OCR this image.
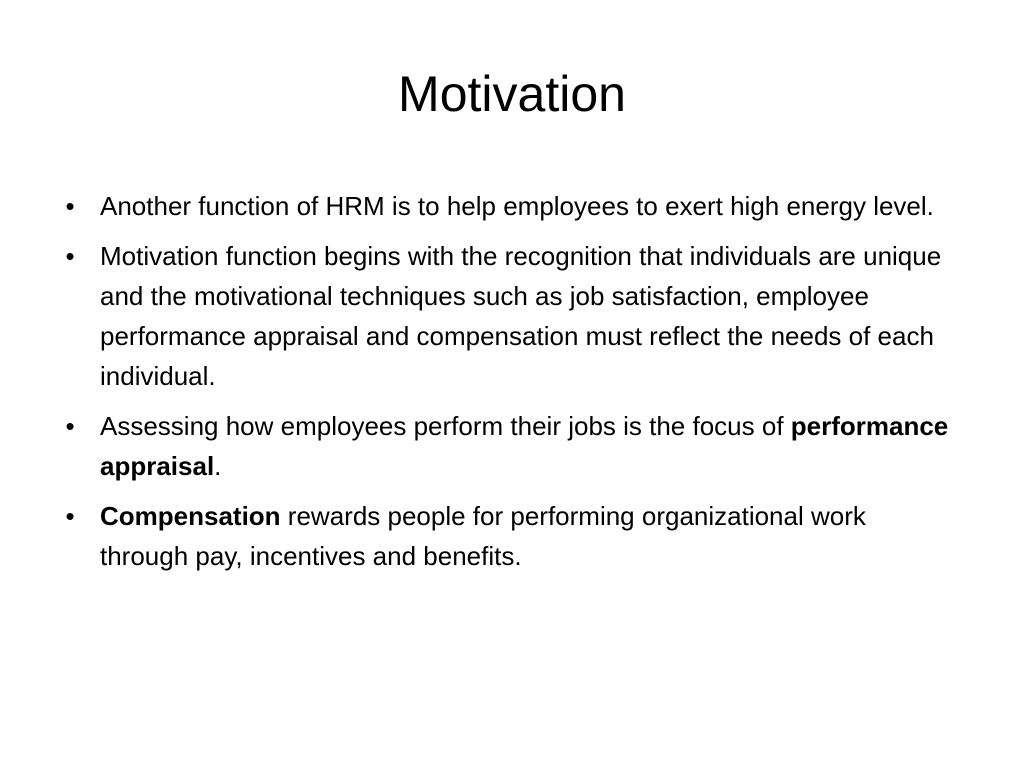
Motivation
• Another function of HRM is to help employees to exert high energy level.
• Motivation function begins with the recognition that individuals are unique and the motivational techniques such as job satisfaction, employee performance appraisal and compensation must reflect the needs of each individual.
• Assessing how employees perform their jobs is the focus of performance appraisal.
• Compensation rewards people for performing organizational work through pay, incentives and benefits.
